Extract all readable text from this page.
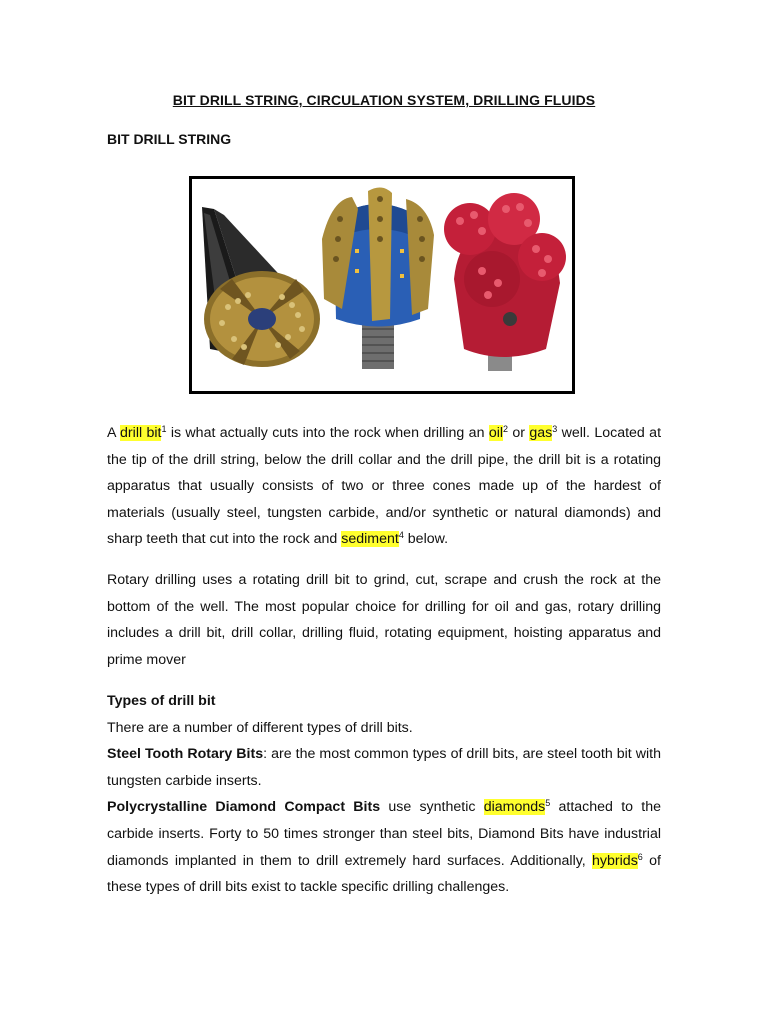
BIT DRILL STRING, CIRCULATION SYSTEM, DRILLING FLUIDS
BIT DRILL STRING
A drill bit$^1$ is what actually cuts into the rock when drilling an oil$^2$ or gas$^3$ well. Located at the tip of the drill string, below the drill collar and the drill pipe, the drill bit is a rotating apparatus that usually consists of two or three cones made up of the hardest of materials (usually steel, tungsten carbide, and/or synthetic or natural diamonds) and sharp teeth that cut into the rock and sediment$^4$ below.
Rotary drilling uses a rotating drill bit to grind, cut, scrape and crush the rock at the bottom of the well. The most popular choice for drilling for oil and gas, rotary drilling includes a drill bit, drill collar, drilling fluid, rotating equipment, hoisting apparatus and prime mover
Types of drill bit
There are a number of different types of drill bits.
Steel Tooth Rotary Bits: are the most common types of drill bits, are steel tooth bit with tungsten carbide inserts.
Polycrystalline Diamond Compact Bits use synthetic diamonds$^5$ attached to the carbide inserts. Forty to 50 times stronger than steel bits, Diamond Bits have industrial diamonds implanted in them to drill extremely hard surfaces. Additionally, hybrids$^6$ of these types of drill bits exist to tackle specific drilling challenges.
